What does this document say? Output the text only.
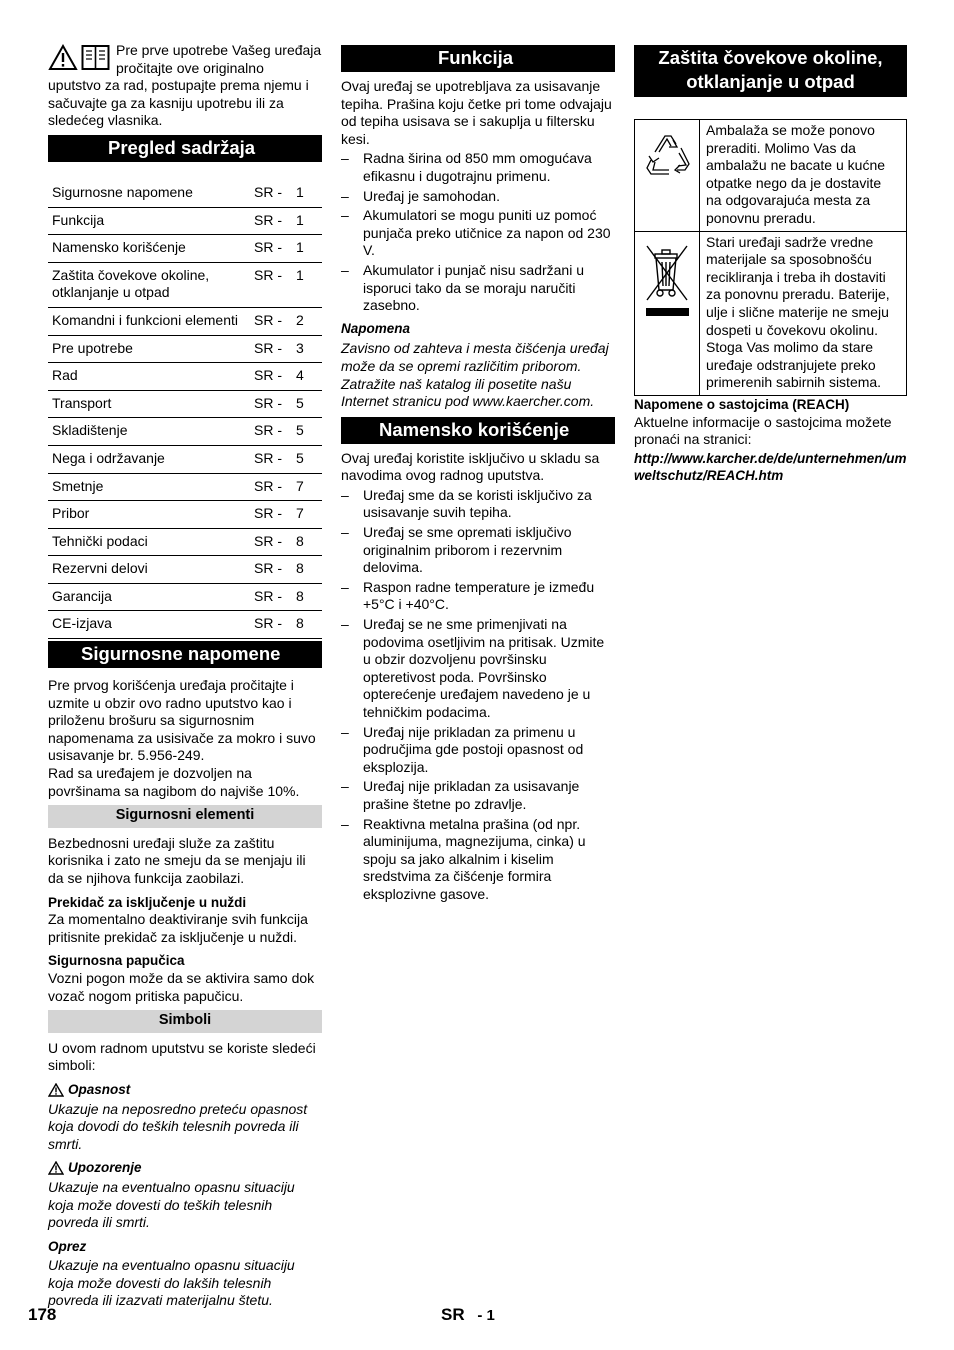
Pre prve upotrebe Vašeg uređaja pročitajte ove originalno

uputstvo za rad, postupajte prema njemu i sačuvajte ga za kasniju upotrebu ili za sledećeg vlasnika.

Pregled sadržaja
Sigurnosne napomene	SR -	1
Funkcija	SR -	1
Namensko korišćenje	SR -	1
Zaštita čovekove okoline, otklanjanje u otpad	SR -	1
Komandni i funkcioni elementi	SR -	2
Pre upotrebe	SR -	3
Rad	SR -	4
Transport	SR -	5
Skladištenje	SR -	5
Nega i održavanje	SR -	5
Smetnje	SR -	7
Pribor	SR -	7
Tehnički podaci	SR -	8
Rezervni delovi	SR -	8
Garancija	SR -	8
CE-izjava	SR -	8
Sigurnosne napomene

Pre prvog korišćenja uređaja pročitajte i uzmite u obzir ovo radno uputstvo kao i priloženu brošuru sa sigurnosnim napomenama za usisivače za mokro i suvo usisavanje br. 5.956-249.

Rad sa uređajem je dozvoljen na površinama sa nagibom do najviše 10%.

Sigurnosni elementi

Bezbednosni uređaji služe za zaštitu korisnika i zato ne smeju da se menjaju ili da se njihova funkcija zaobilazi.

Prekidač za isključenje u nuždi

Za momentalno deaktiviranje svih funkcija pritisnite prekidač za isključenje u nuždi.

Sigurnosna papučica

Vozni pogon može da se aktivira samo dok vozač nogom pritiska papučicu.

Simboli

U ovom radnom uputstvu se koriste sledeći simboli:

Opasnost

Ukazuje na neposredno preteću opasnost koja dovodi do teških telesnih povreda ili smrti.

Upozorenje

Ukazuje na eventualno opasnu situaciju koja može dovesti do teških telesnih povreda ili smrti.

Oprez

Ukazuje na eventualno opasnu situaciju koja može dovesti do lakših telesnih povreda ili izazvati materijalnu štetu.

Funkcija

Ovaj uređaj se upotrebljava za usisavanje tepiha. Prašina koju četke pri tome odvajaju od tepiha usisava se i sakuplja u filtersku kesi.

– Radna širina od 850 mm omogućava efikasnu i dugotrajnu primenu.
– Uređaj je samohodan.
– Akumulatori se mogu puniti uz pomoć punjača preko utičnice za napon od 230 V.
– Akumulator i punjač nisu sadržani u isporuci tako da se moraju naručiti zasebno.

Napomena

Zavisno od zahteva i mesta čišćenja uređaj može da se opremi različitim priborom. Zatražite naš katalog ili posetite našu Internet stranicu pod www.kaercher.com.

Namensko korišćenje

Ovaj uređaj koristite isključivo u skladu sa navodima ovog radnog uputstva.

– Uređaj sme da se koristi isključivo za usisavanje suvih tepiha.
– Uređaj se sme opremati isključivo originalnim priborom i rezervnim delovima.
– Raspon radne temperature je između +5°C i +40°C.
– Uređaj se ne sme primenjivati na podovima osetljivim na pritisak. Uzmite u obzir dozvoljenu površinsku opteretivost poda. Površinsko opterećenje uređajem navedeno je u tehničkim podacima.
– Uređaj nije prikladan za primenu u područjima gde postoji opasnost od eksplozija.
– Uređaj nije prikladan za usisavanje prašine štetne po zdravlje.
– Reaktivna metalna prašina (od npr. aluminijuma, magnezijuma, cinka) u spoju sa jako alkalnim i kiselim sredstvima za čišćenje formira eksplozivne gasove.
Zaštita čovekove okoline, otklanjanje u otpad
	Ambalaža se može ponovo preraditi. Molimo Vas da ambalažu ne bacate u kućne otpatke nego da je dostavite na odgovarajuća mesta za ponovnu preradu.
	Stari uređaji sadrže vredne materijale sa sposobnošću recikliranja i treba ih dostaviti za ponovnu preradu. Baterije, ulje i slične materije ne smeju dospeti u čovekovu okolinu. Stoga Vas molimo da stare uređaje odstranjujete preko primerenih sabirnih sistema.

Napomene o sastojcima (REACH)

Aktuelne informacije o sastojcima možete pronaći na stranici:

http://www.karcher.de/de/unternehmen/umweltschutz/REACH.htm

178	SR - 1
